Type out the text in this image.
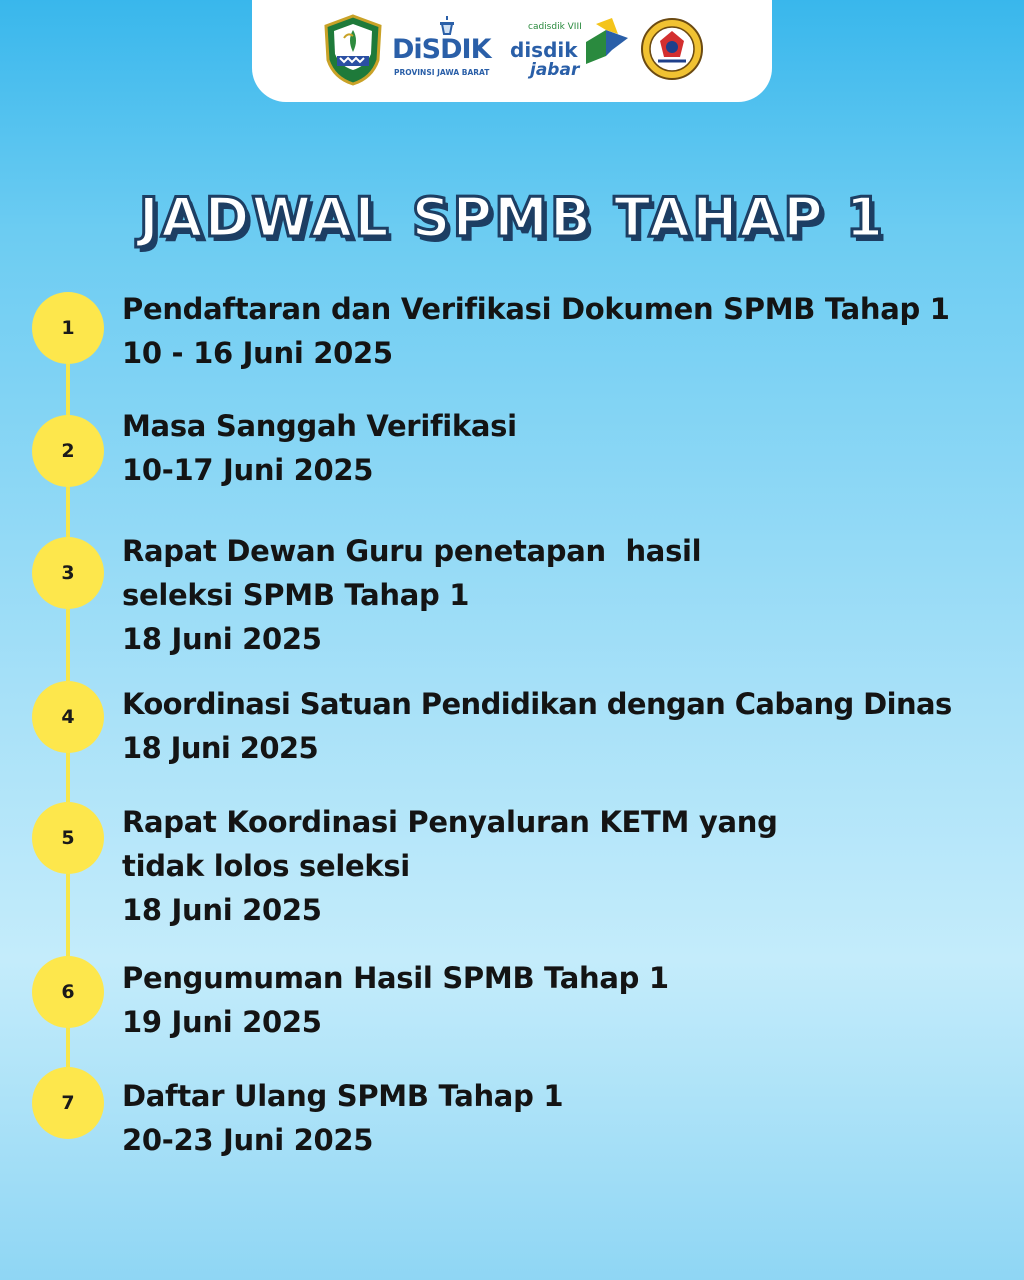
DiSDIK
PROVINSI JAWA BARAT
cadisdik VIII
disdik
jabar
JADWAL SPMB TAHAP 1
1
Pendaftaran dan Verifikasi Dokumen SPMB Tahap 1
10 - 16 Juni 2025
2
Masa Sanggah Verifikasi
10-17 Juni 2025
3
Rapat Dewan Guru penetapan  hasil
seleksi SPMB Tahap 1
18 Juni 2025
4	Koordinasi Satuan Pendidikan dengan Cabang Dinas
18 Juni 2025
5	Rapat Koordinasi Penyaluran KETM yang
tidak lolos seleksi
18 Juni 2025
6	Pengumuman Hasil SPMB Tahap 1
19 Juni 2025
7	Daftar Ulang SPMB Tahap 1
20-23 Juni 2025
